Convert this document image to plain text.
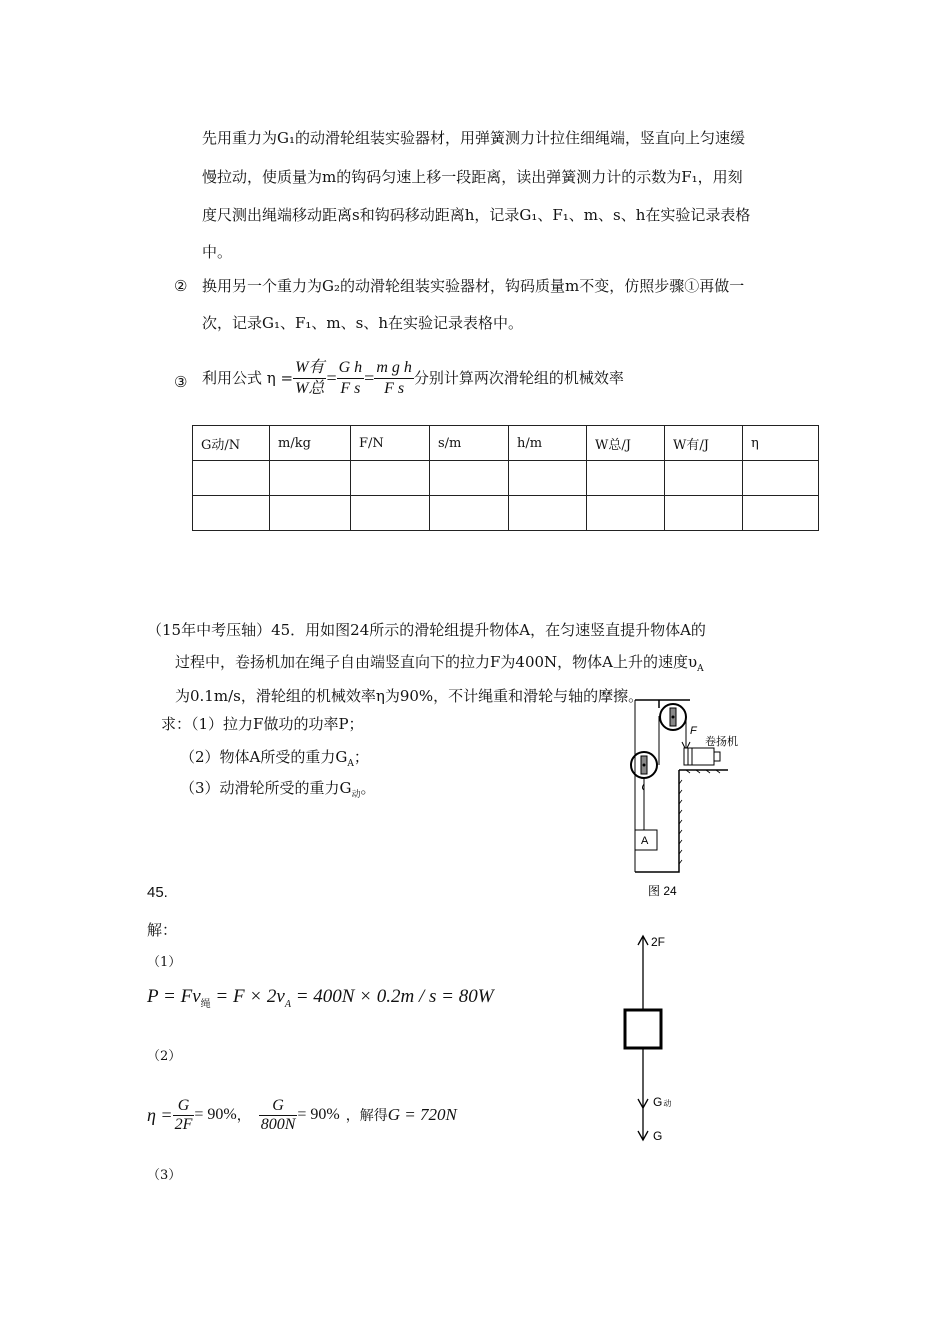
先用重力为G₁的动滑轮组装实验器材，用弹簧测力计拉住细绳端，竖直向上匀速缓
慢拉动，使质量为m的钩码匀速上移一段距离，读出弹簧测力计的示数为F₁，用刻
度尺测出绳端移动距离s和钩码移动距离h，记录G₁、F₁、m、s、h在实验记录表格
中。
② 换用另一个重力为G₂的动滑轮组装实验器材，钩码质量m不变，仿照步骤①再做一
次，记录G₁、F₁、m、s、h在实验记录表格中。
③ 利用公式 $\eta = \frac{\text{W有}}{\text{W总}} = \frac{\text{G h}}{\text{F s}} = \frac{\text{m g h}}{\text{F s}}$ 分别计算两次滑轮组的机械效率
G动/N	m/kg	F/N	s/m	h/m	W总/J	W有/J	η

（15年中考压轴）45．用如图24所示的滑轮组提升物体A，在匀速竖直提升物体A的
过程中，卷扬机加在绳子自由端竖直向下的拉力F为400N，物体A上升的速度$\upsilon_A$
为0.1m/s，滑轮组的机械效率η为90%，不计绳重和滑轮与轴的摩擦。
求：（1）拉力F做功的功率P；
（2）物体A所受的重力$G_A$；
（3）动滑轮所受的重力$G_动$。
F
A
卷扬机
图 24
45.
解：
（1）
$P = Fv_绳 = F \times 2v_A = 400N \times 0.2m / s = 80W$
（2）
$\eta = \frac{G}{2F} = 90\%$ ， $\frac{G}{800N} = 90\%$ ，解得 G = 720N
（3）
2F
G动
G
